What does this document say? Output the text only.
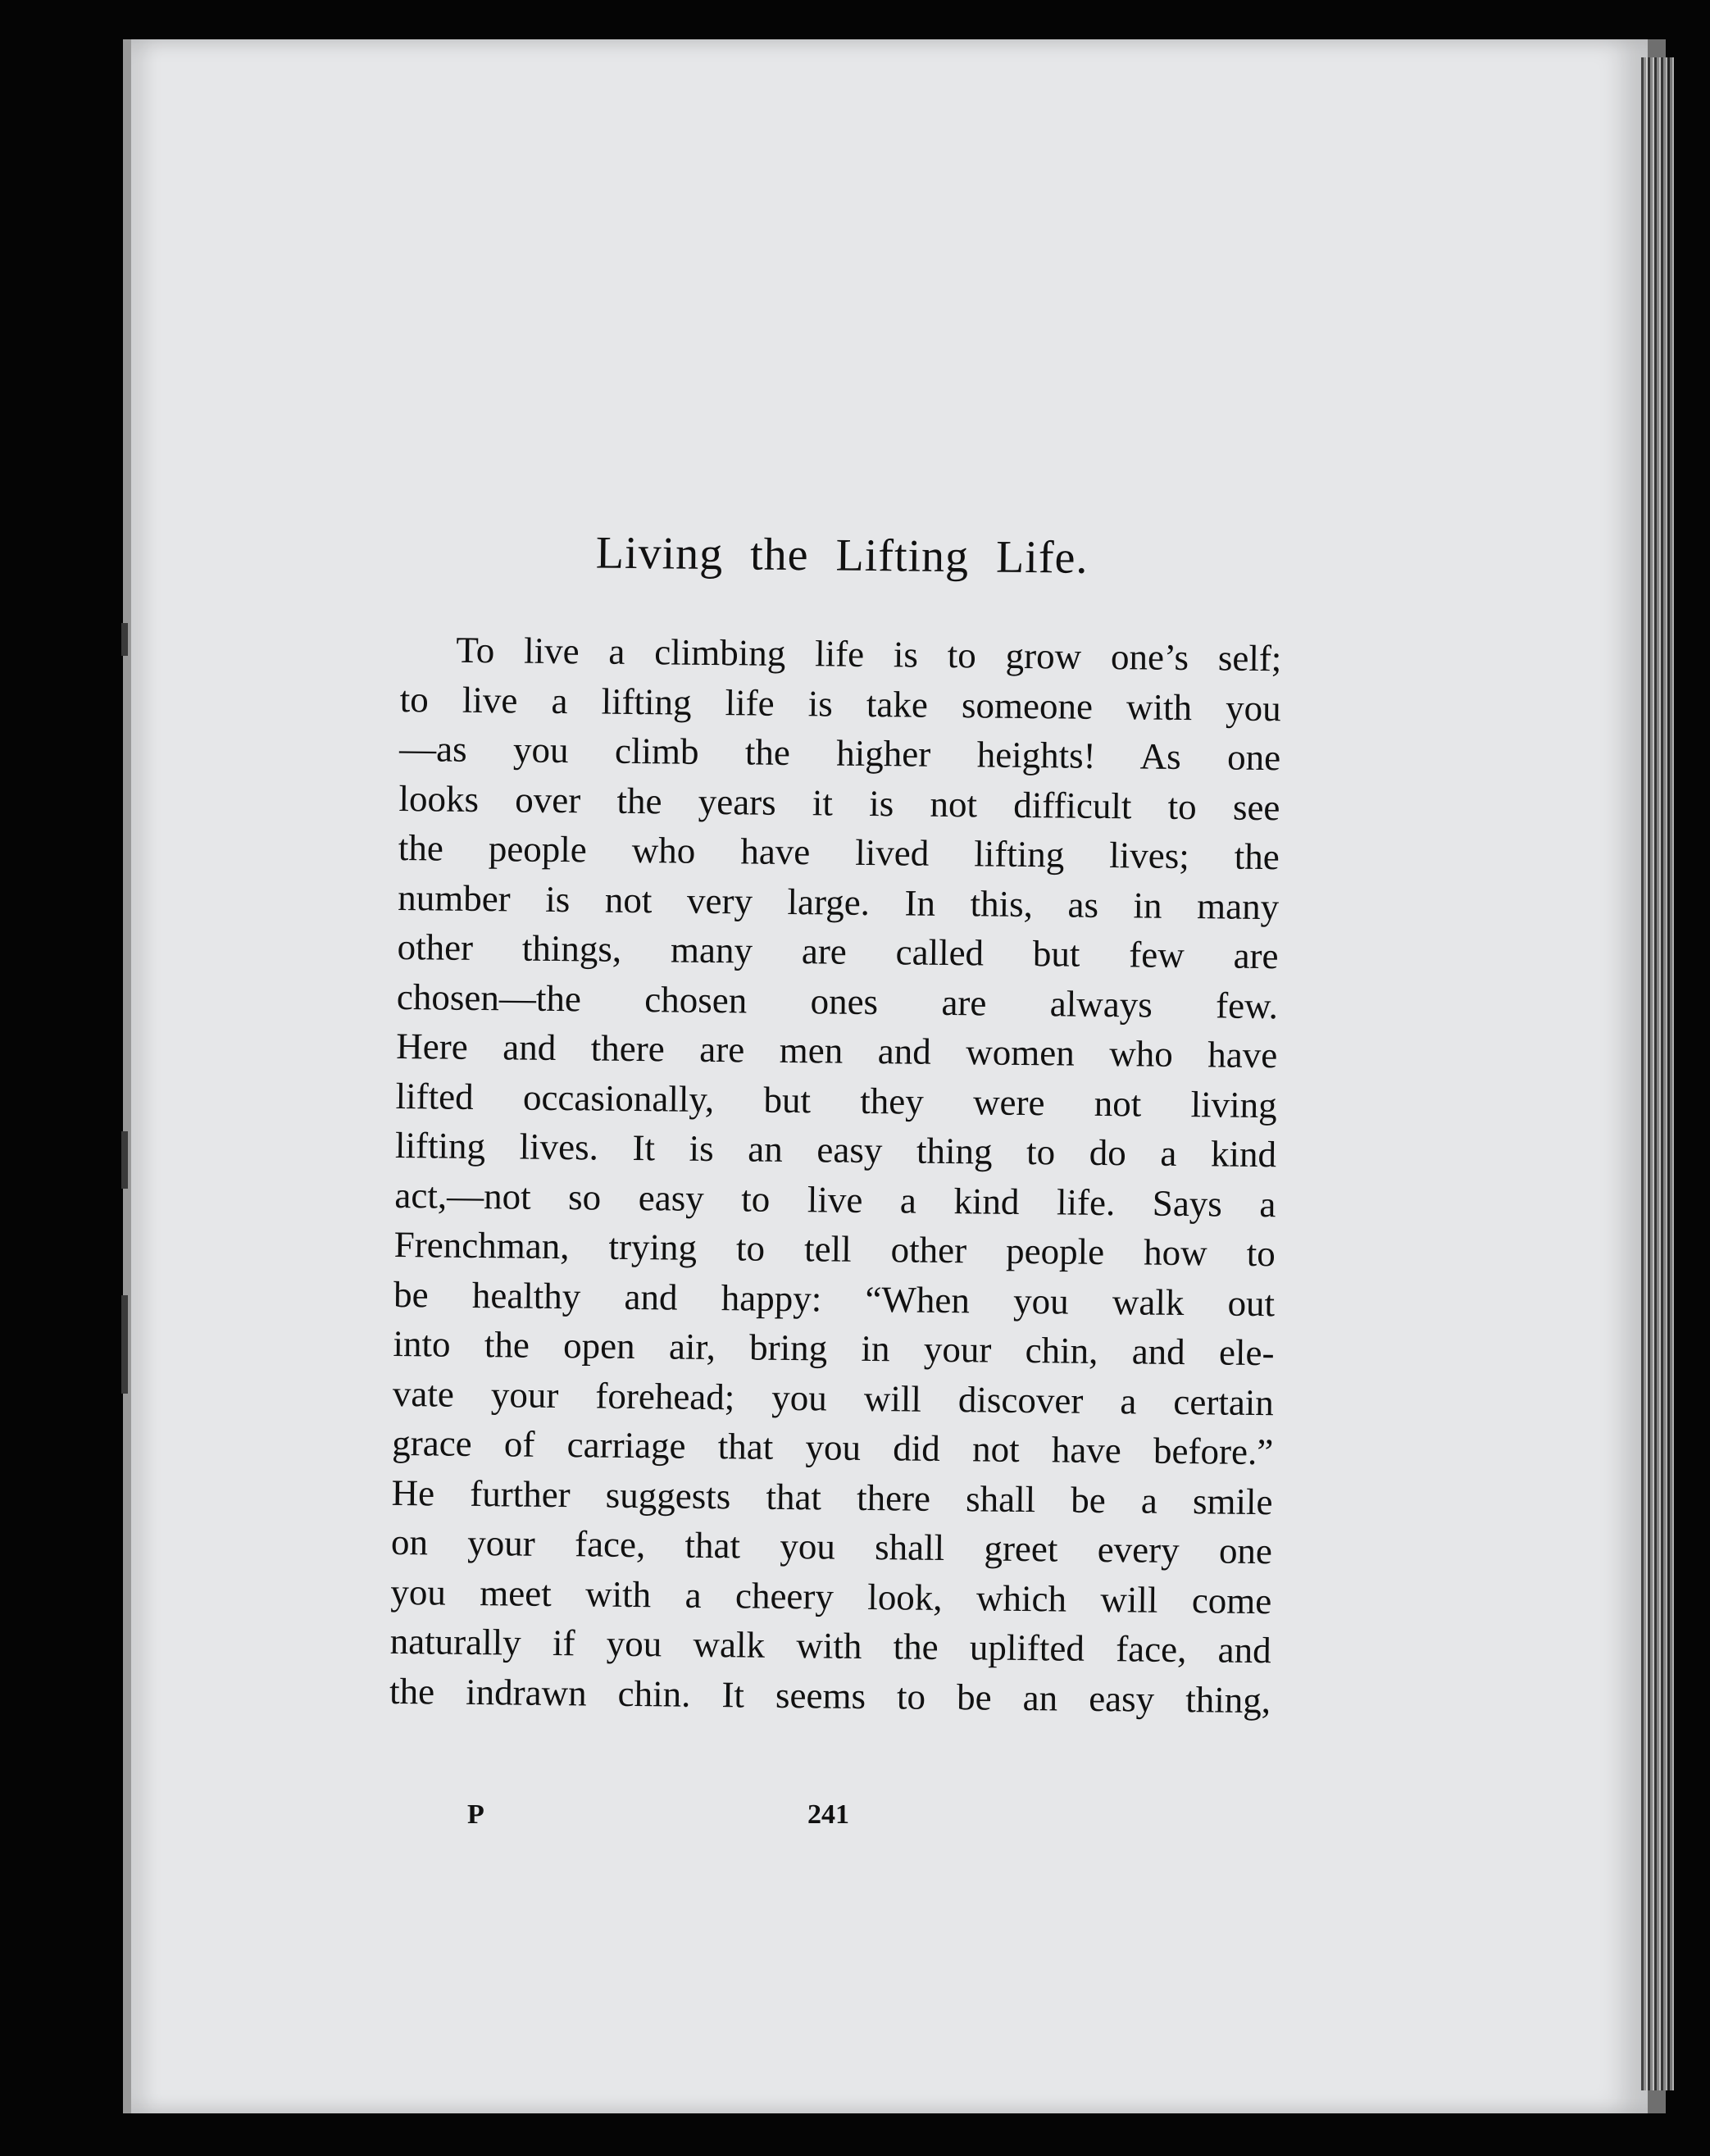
Living the Lifting Life.

To live a climbing life is to grow one’s self;
to live a lifting life is take someone with you
—as you climb the higher heights! As one
looks over the years it is not difficult to see
the people who have lived lifting lives; the
number is not very large. In this, as in many
other things, many are called but few are
chosen—the chosen ones are always few.
Here and there are men and women who have
lifted occasionally, but they were not living
lifting lives. It is an easy thing to do a kind
act,—not so easy to live a kind life. Says a
Frenchman, trying to tell other people how to
be healthy and happy: “When you walk out
into the open air, bring in your chin, and ele-
vate your forehead; you will discover a certain
grace of carriage that you did not have before.”
He further suggests that there shall be a smile
on your face, that you shall greet every one
you meet with a cheery look, which will come
naturally if you walk with the uplifted face, and
the indrawn chin. It seems to be an easy thing,

P	241
